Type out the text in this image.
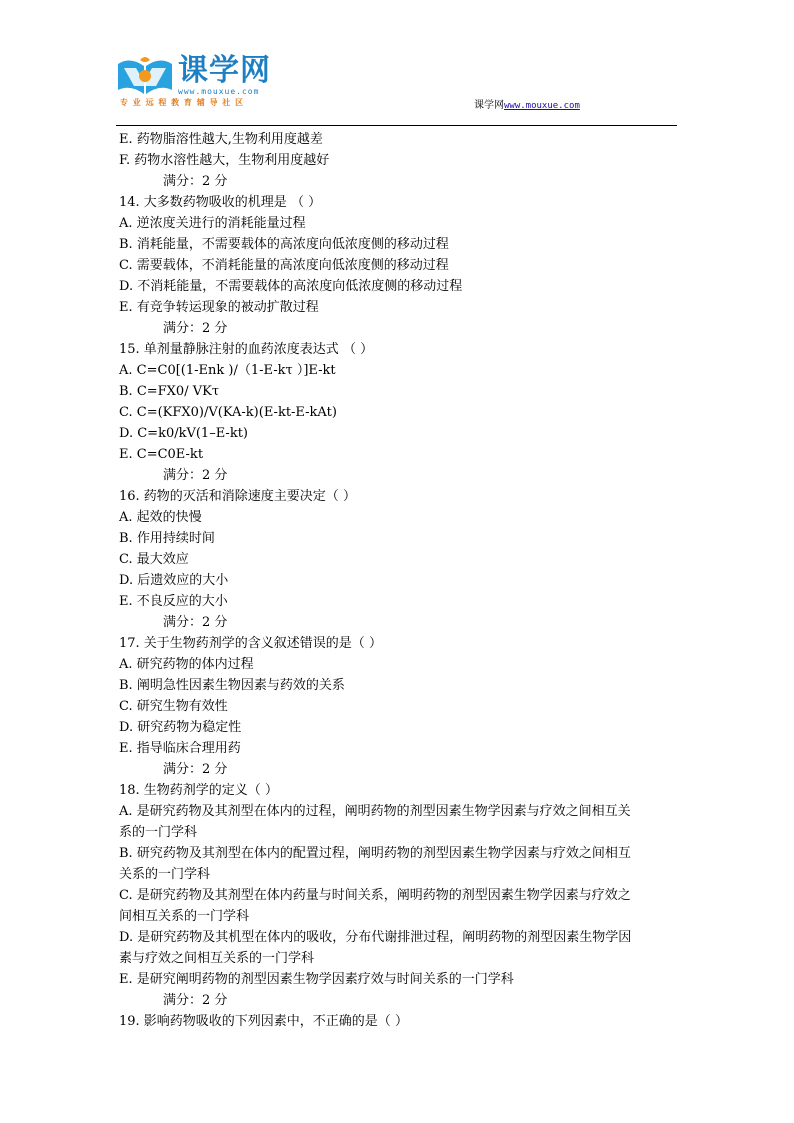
课学网
www.mouxue.com
专 业 远 程 教 育 辅 导 社 区	课学网www.mouxue.com
E. 药物脂溶性越大,生物利用度越差
F. 药物水溶性越大，生物利用度越好
满分：2 分
14. 大多数药物吸收的机理是 （ ）
A. 逆浓度关进行的消耗能量过程
B. 消耗能量，不需要载体的高浓度向低浓度侧的移动过程
C. 需要载体，不消耗能量的高浓度向低浓度侧的移动过程
D. 不消耗能量，不需要载体的高浓度向低浓度侧的移动过程
E. 有竞争转运现象的被动扩散过程
满分：2 分
15. 单剂量静脉注射的血药浓度表达式 （ ）
A. C=C0[(1-Enk )/（1-E-kτ ）]E-kt
B. C=FX0/ VKτ
C. C=(KFX0)/V(KA-k)(E-kt-E-kAt)
D. C=k0/kV(1–E-kt)
E. C=C0E-kt
满分：2 分
16. 药物的灭活和消除速度主要决定（ ）
A. 起效的快慢
B. 作用持续时间
C. 最大效应
D. 后遗效应的大小
E. 不良反应的大小
满分：2 分
17. 关于生物药剂学的含义叙述错误的是（ ）
A. 研究药物的体内过程
B. 阐明急性因素生物因素与药效的关系
C. 研究生物有效性
D. 研究药物为稳定性
E. 指导临床合理用药
满分：2 分
18. 生物药剂学的定义（ ）
A. 是研究药物及其剂型在体内的过程，阐明药物的剂型因素生物学因素与疗效之间相互关
系的一门学科
B. 研究药物及其剂型在体内的配置过程，阐明药物的剂型因素生物学因素与疗效之间相互
关系的一门学科
C. 是研究药物及其剂型在体内药量与时间关系，阐明药物的剂型因素生物学因素与疗效之
间相互关系的一门学科
D. 是研究药物及其机型在体内的吸收，分布代谢排泄过程，阐明药物的剂型因素生物学因
素与疗效之间相互关系的一门学科
E. 是研究阐明药物的剂型因素生物学因素疗效与时间关系的一门学科
满分：2 分
19. 影响药物吸收的下列因素中，不正确的是（ ）
